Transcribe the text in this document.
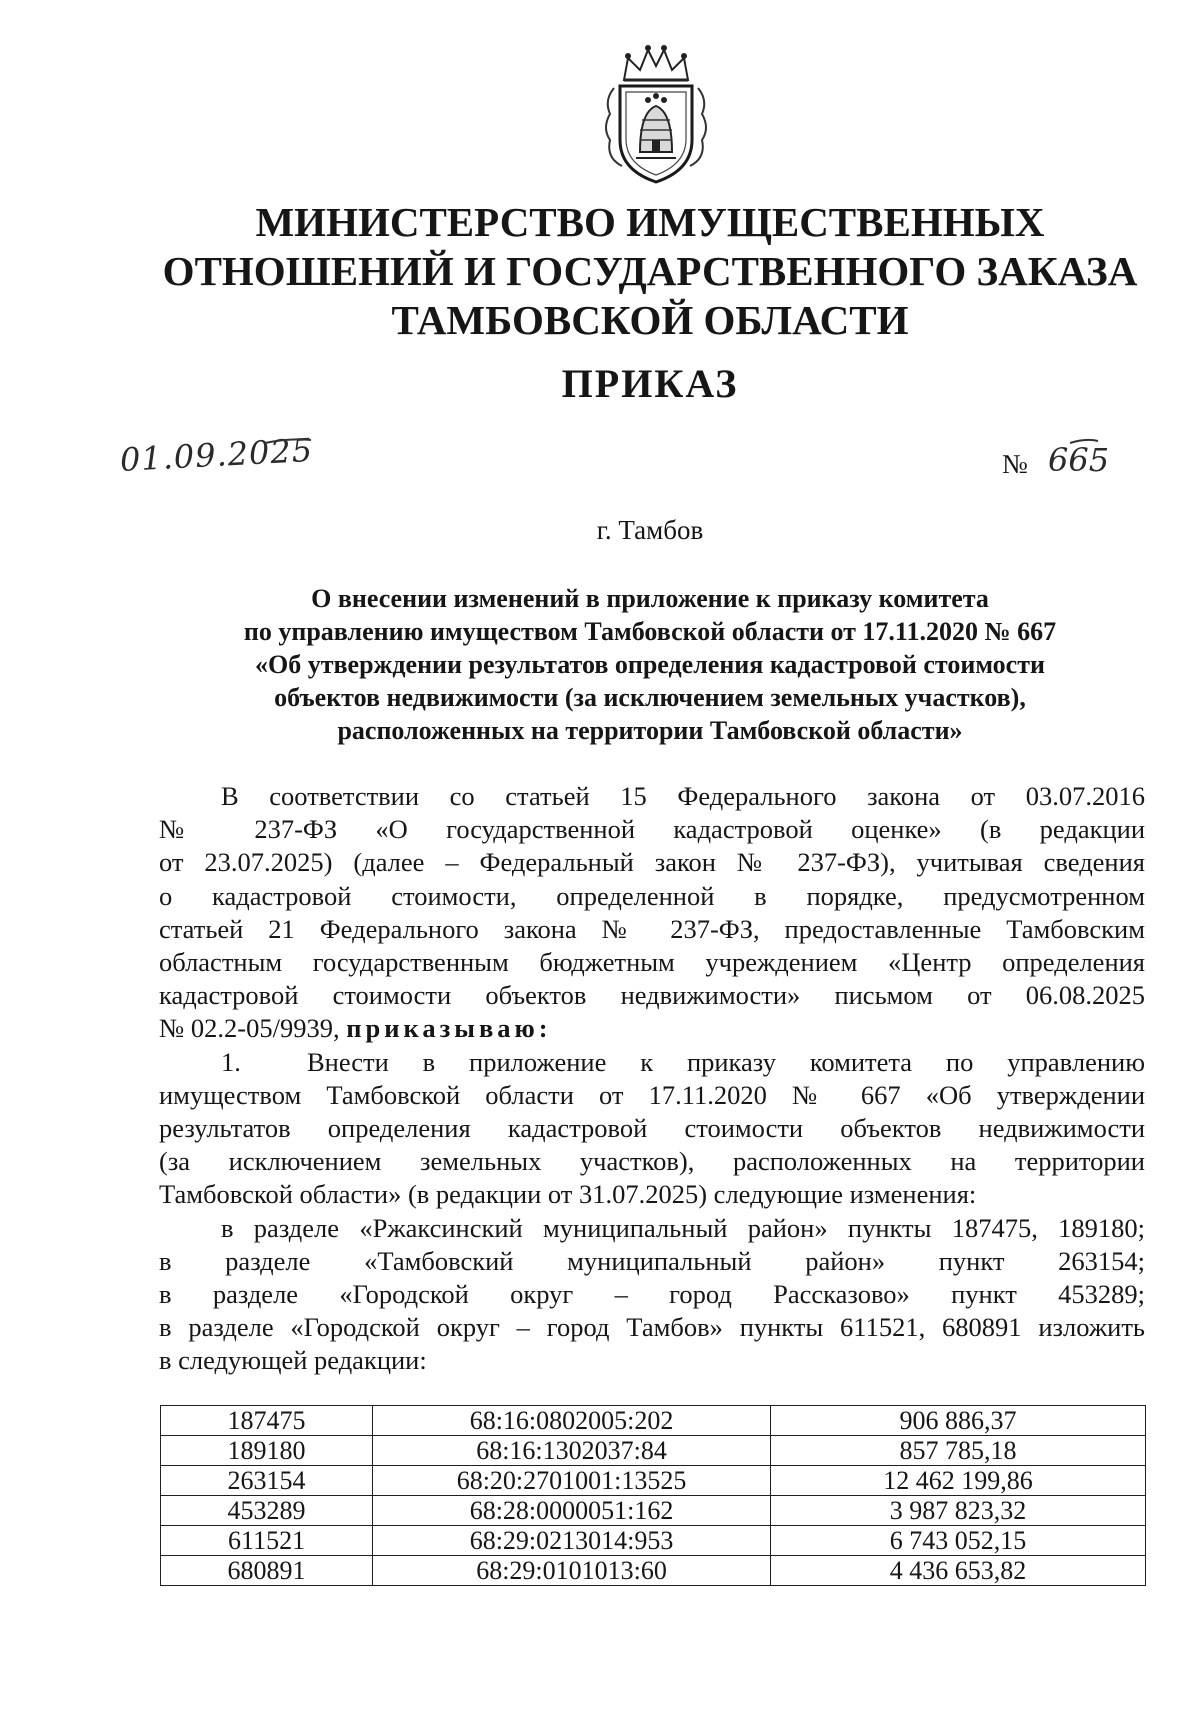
МИНИСТЕРСТВО ИМУЩЕСТВЕННЫХ
ОТНОШЕНИЙ И ГОСУДАРСТВЕННОГО ЗАКАЗА
ТАМБОВСКОЙ ОБЛАСТИ
ПРИКАЗ
01.09.2025	№ 665
г. Тамбов
О внесении изменений в приложение к приказу комитета
по управлению имуществом Тамбовской области от 17.11.2020 № 667
«Об утверждении результатов определения кадастровой стоимости
объектов недвижимости (за исключением земельных участков),
расположенных на территории Тамбовской области»
В соответствии со статьей 15 Федерального закона от 03.07.2016
№ 237-ФЗ «О государственной кадастровой оценке» (в редакции
от 23.07.2025) (далее – Федеральный закон № 237-ФЗ), учитывая сведения
о кадастровой стоимости, определенной в порядке, предусмотренном
статьей 21 Федерального закона № 237-ФЗ, предоставленные Тамбовским
областным государственным бюджетным учреждением «Центр определения
кадастровой стоимости объектов недвижимости» письмом от 06.08.2025
№ 02.2-05/9939, приказываю:
1. Внести в приложение к приказу комитета по управлению
имуществом Тамбовской области от 17.11.2020 № 667 «Об утверждении
результатов определения кадастровой стоимости объектов недвижимости
(за исключением земельных участков), расположенных на территории
Тамбовской области» (в редакции от 31.07.2025) следующие изменения:
в разделе «Ржаксинский муниципальный район» пункты 187475, 189180;
в разделе «Тамбовский муниципальный район» пункт 263154;
в разделе «Городской округ – город Рассказово» пункт 453289;
в разделе «Городской округ – город Тамбов» пункты 611521, 680891 изложить
в следующей редакции:
187475	68:16:0802005:202	906 886,37
189180	68:16:1302037:84	857 785,18
263154	68:20:2701001:13525	12 462 199,86
453289	68:28:0000051:162	3 987 823,32
611521	68:29:0213014:953	6 743 052,15
680891	68:29:0101013:60	4 436 653,82
